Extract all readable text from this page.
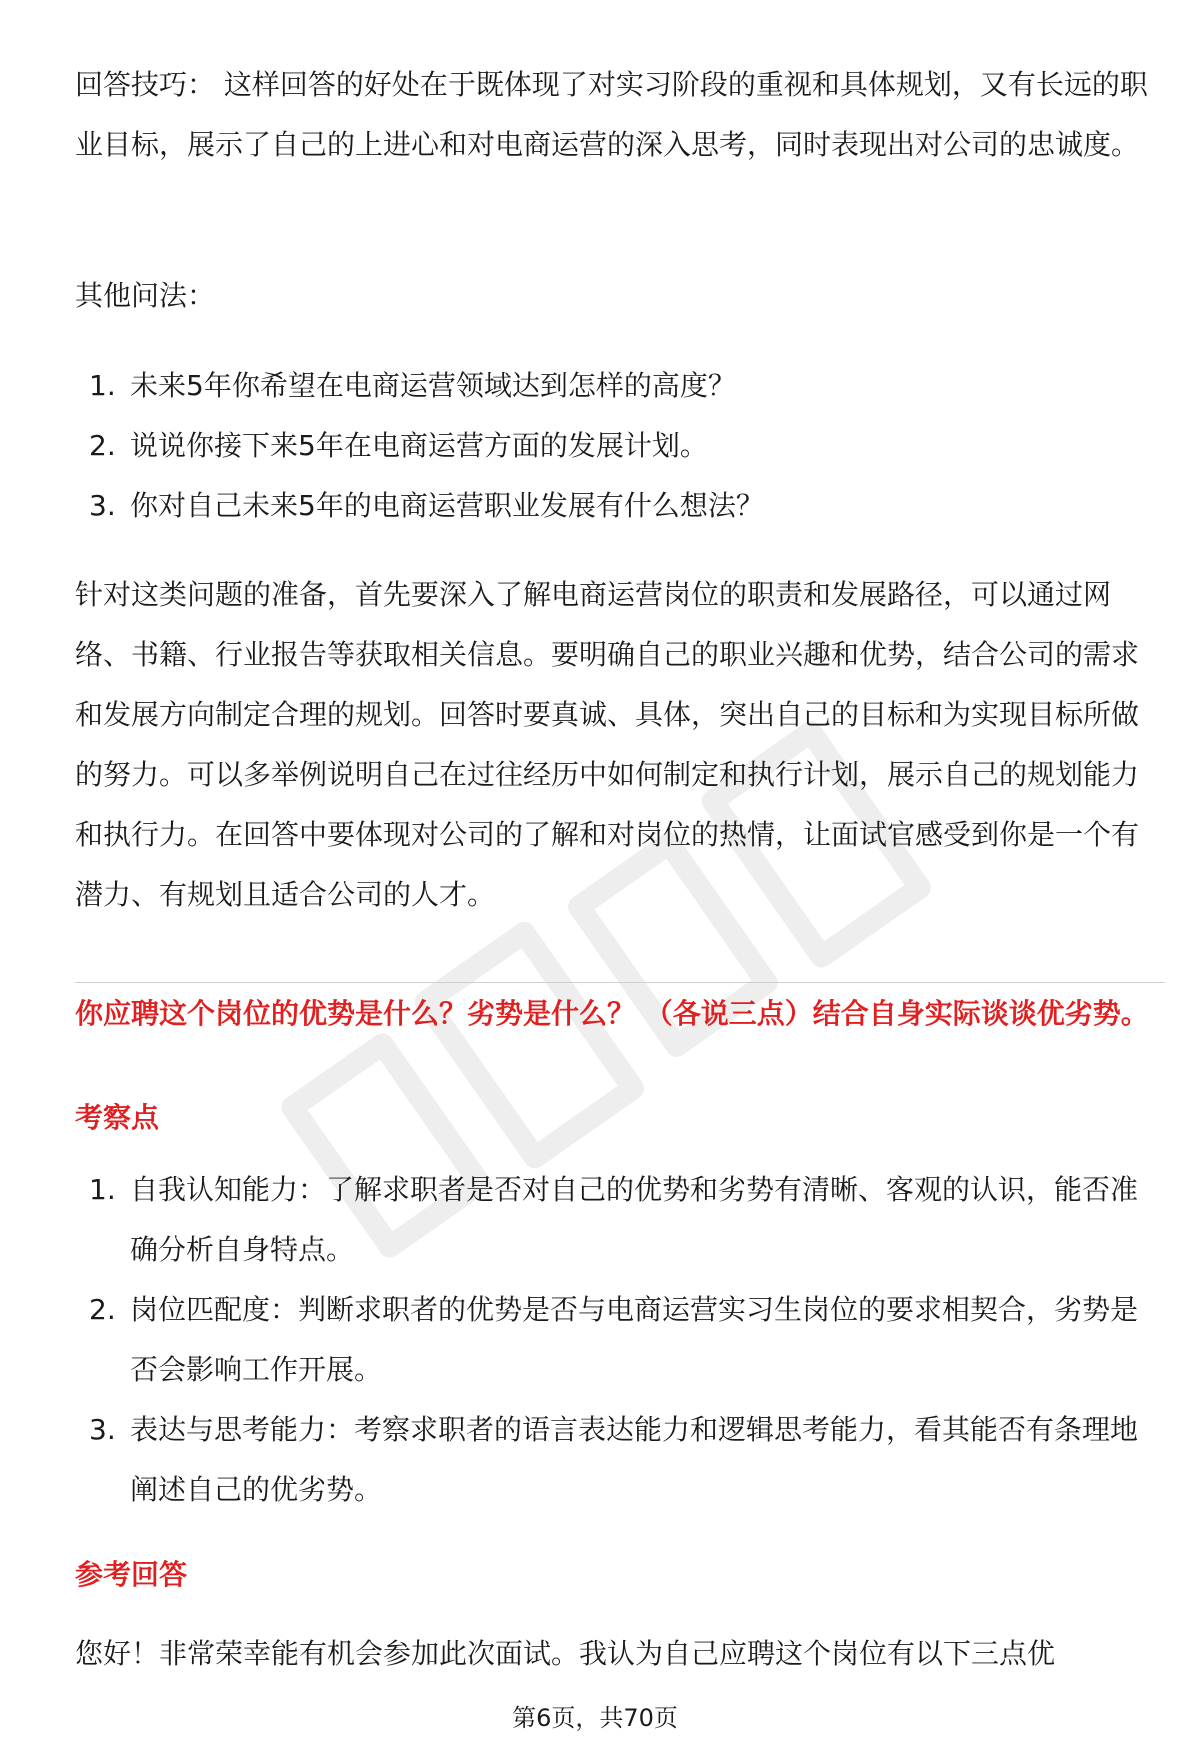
回答技巧： 这样回答的好处在于既体现了对实习阶段的重视和具体规划，又有长远的职业目标，展示了自己的上进心和对电商运营的深入思考，同时表现出对公司的忠诚度。

其他问法：

1. 未来5年你希望在电商运营领域达到怎样的高度？
2. 说说你接下来5年在电商运营方面的发展计划。
3. 你对自己未来5年的电商运营职业发展有什么想法？

针对这类问题的准备，首先要深入了解电商运营岗位的职责和发展路径，可以通过网络、书籍、行业报告等获取相关信息。要明确自己的职业兴趣和优势，结合公司的需求和发展方向制定合理的规划。回答时要真诚、具体，突出自己的目标和为实现目标所做的努力。可以多举例说明自己在过往经历中如何制定和执行计划，展示自己的规划能力和执行力。在回答中要体现对公司的了解和对岗位的热情，让面试官感受到你是一个有潜力、有规划且适合公司的人才。

你应聘这个岗位的优势是什么？劣势是什么？ （各说三点）结合自身实际谈谈优劣势。

考察点

1. 自我认知能力：了解求职者是否对自己的优势和劣势有清晰、客观的认识，能否准确分析自身特点。
2. 岗位匹配度：判断求职者的优势是否与电商运营实习生岗位的要求相契合，劣势是否会影响工作开展。
3. 表达与思考能力：考察求职者的语言表达能力和逻辑思考能力，看其能否有条理地阐述自己的优劣势。

参考回答

您好！非常荣幸能有机会参加此次面试。我认为自己应聘这个岗位有以下三点优

第6页，共70页
